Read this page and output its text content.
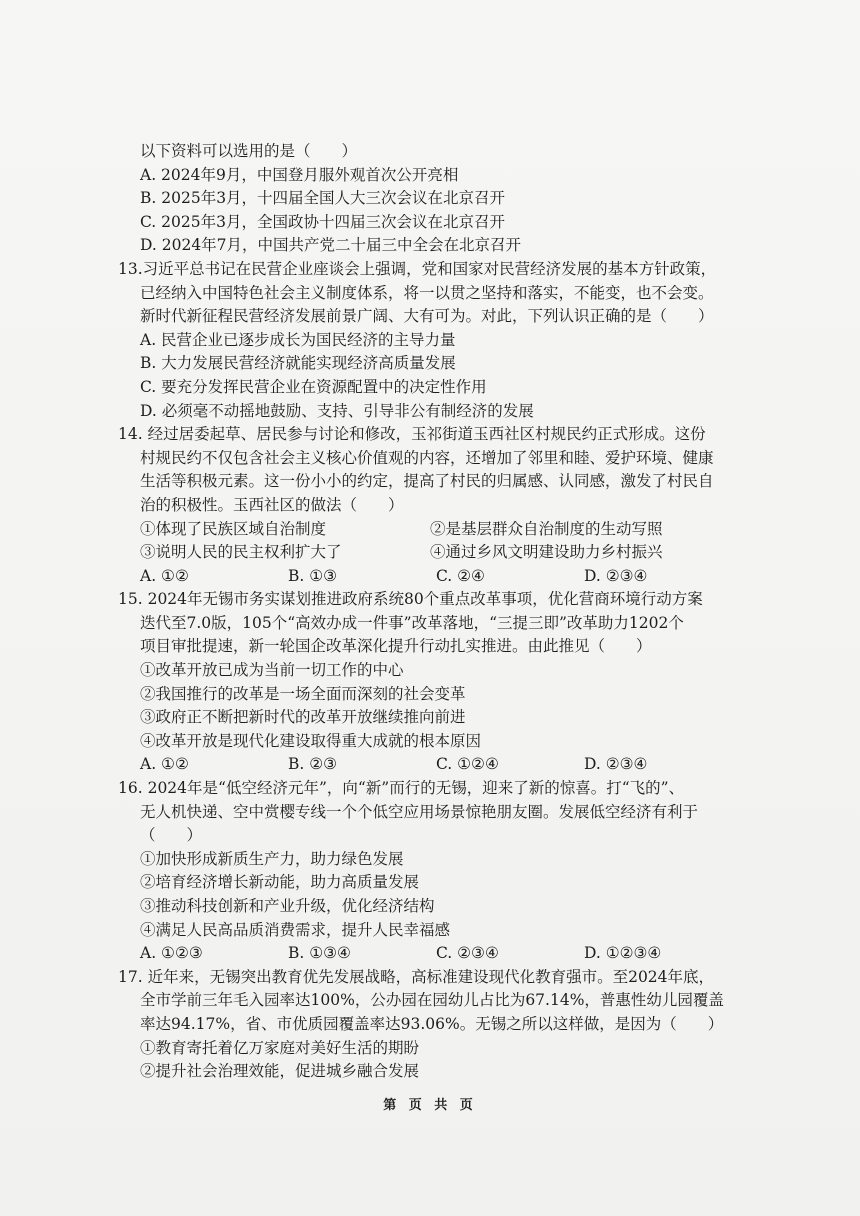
以下资料可以选用的是（　　）
A. 2024年9月，中国登月服外观首次公开亮相
B. 2025年3月，十四届全国人大三次会议在北京召开
C. 2025年3月，全国政协十四届三次会议在北京召开
D. 2024年7月，中国共产党二十届三中全会在北京召开
13.习近平总书记在民营企业座谈会上强调，党和国家对民营经济发展的基本方针政策，
已经纳入中国特色社会主义制度体系，将一以贯之坚持和落实，不能变，也不会变。
新时代新征程民营经济发展前景广阔、大有可为。对此，下列认识正确的是（　　）
A. 民营企业已逐步成长为国民经济的主导力量
B. 大力发展民营经济就能实现经济高质量发展
C. 要充分发挥民营企业在资源配置中的决定性作用
D. 必须毫不动摇地鼓励、支持、引导非公有制经济的发展
14. 经过居委起草、居民参与讨论和修改，玉祁街道玉西社区村规民约正式形成。这份
村规民约不仅包含社会主义核心价值观的内容，还增加了邻里和睦、爱护环境、健康
生活等积极元素。这一份小小的约定，提高了村民的归属感、认同感，激发了村民自
治的积极性。玉西社区的做法（　　）
①体现了民族区域自治制度	②是基层群众自治制度的生动写照
③说明人民的民主权利扩大了	④通过乡风文明建设助力乡村振兴
A. ①②	B. ①③	C. ②④	D. ②③④
15. 2024年无锡市务实谋划推进政府系统80个重点改革事项，优化营商环境行动方案
迭代至7.0版，105个“高效办成一件事”改革落地，“三提三即”改革助力1202个
项目审批提速，新一轮国企改革深化提升行动扎实推进。由此推见（　　）
①改革开放已成为当前一切工作的中心
②我国推行的改革是一场全面而深刻的社会变革
③政府正不断把新时代的改革开放继续推向前进
④改革开放是现代化建设取得重大成就的根本原因
A. ①②	B. ②③	C. ①②④	D. ②③④
16. 2024年是“低空经济元年”，向“新”而行的无锡，迎来了新的惊喜。打“飞的”、
无人机快递、空中赏樱专线一个个低空应用场景惊艳朋友圈。发展低空经济有利于
（　　）
①加快形成新质生产力，助力绿色发展
②培育经济增长新动能，助力高质量发展
③推动科技创新和产业升级，优化经济结构
④满足人民高品质消费需求，提升人民幸福感
A. ①②③	B. ①③④	C. ②③④	D. ①②③④
17. 近年来，无锡突出教育优先发展战略，高标准建设现代化教育强市。至2024年底，
全市学前三年毛入园率达100%，公办园在园幼儿占比为67.14%，普惠性幼儿园覆盖
率达94.17%，省、市优质园覆盖率达93.06%。无锡之所以这样做，是因为（　　）
①教育寄托着亿万家庭对美好生活的期盼
②提升社会治理效能，促进城乡融合发展
第 页 共 页
